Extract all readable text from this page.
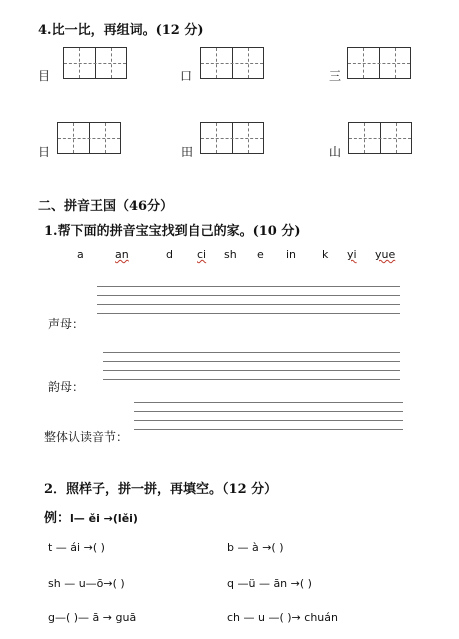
4.比一比，再组词。(12 分)
目	口	三
日	田	山
二、拼音王国（46分）
1.帮下面的拼音宝宝找到自己的家。(10 分)
a	an	d ci sh e in k yi yue
声母：
韵母：
整体认读音节：
2．照样子，拼一拼，再填空。（12 分）
例：l— ěi →(lěi)
t — ái →( )	b — à →( )
sh — u—ō→( )	q —ü — ān →( )
g—( )— ā → guā	ch — u —( )→ chuán
